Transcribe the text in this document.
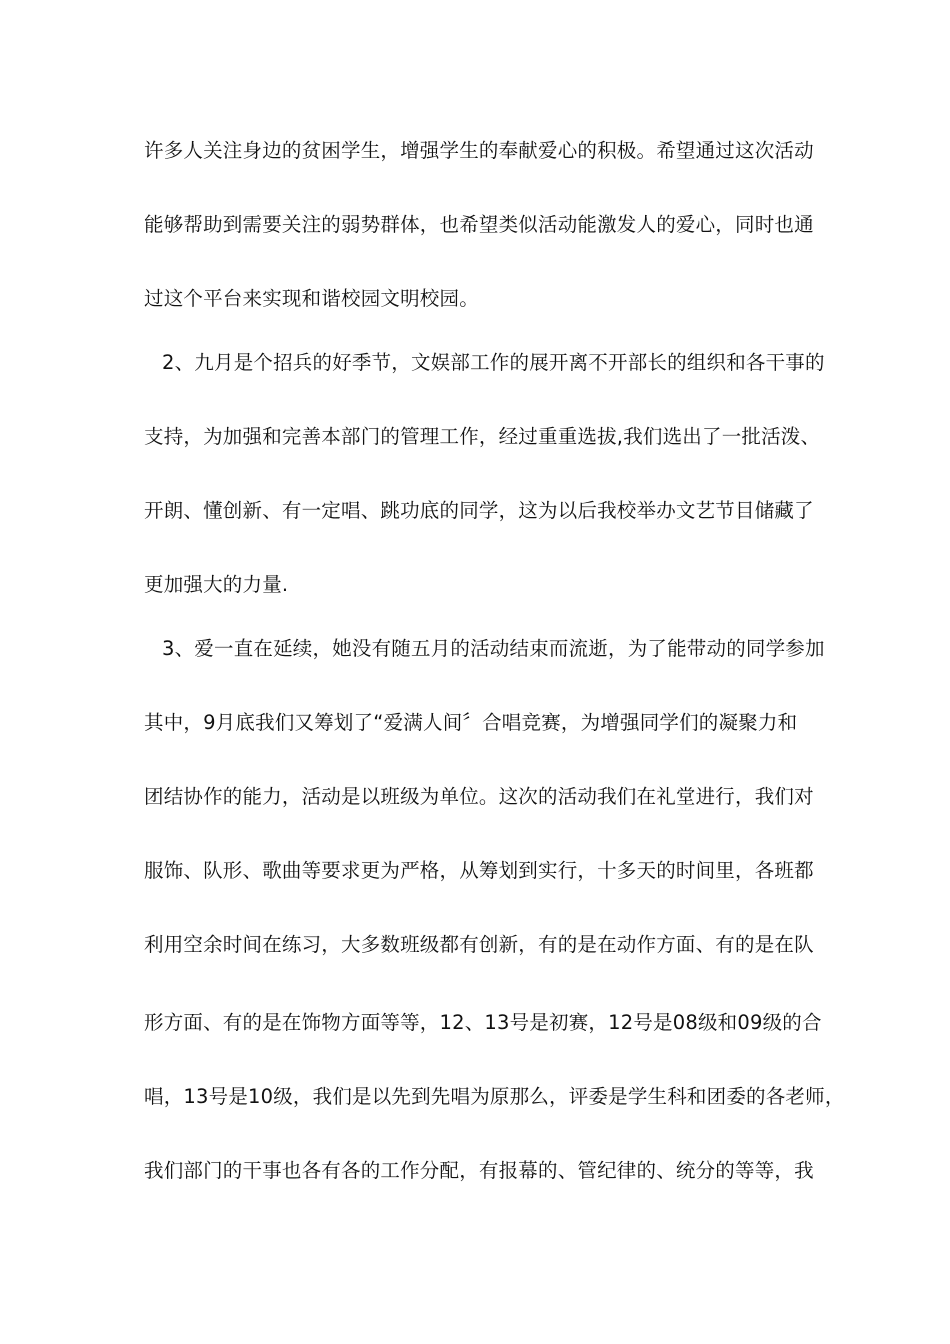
许多人关注身边的贫困学生，增强学生的奉献爱心的积极。希望通过这次活动
能够帮助到需要关注的弱势群体，也希望类似活动能激发人的爱心，同时也通
过这个平台来实现和谐校园文明校园。
2、九月是个招兵的好季节，文娱部工作的展开离不开部长的组织和各干事的
支持，为加强和完善本部门的管理工作，经过重重选拔,我们选出了一批活泼、
开朗、懂创新、有一定唱、跳功底的同学，这为以后我校举办文艺节目储藏了
更加强大的力量.
3、爱一直在延续，她没有随五月的活动结束而流逝，为了能带动的同学参加
其中，9月底我们又筹划了“爱满人间〞合唱竞赛，为增强同学们的凝聚力和
团结协作的能力，活动是以班级为单位。这次的活动我们在礼堂进行，我们对
服饰、队形、歌曲等要求更为严格，从筹划到实行，十多天的时间里，各班都
利用空余时间在练习，大多数班级都有创新，有的是在动作方面、有的是在队
形方面、有的是在饰物方面等等，12、13号是初赛，12号是08级和09级的合
唱，13号是10级，我们是以先到先唱为原那么，评委是学生科和团委的各老师，
我们部门的干事也各有各的工作分配，有报幕的、管纪律的、统分的等等，我
